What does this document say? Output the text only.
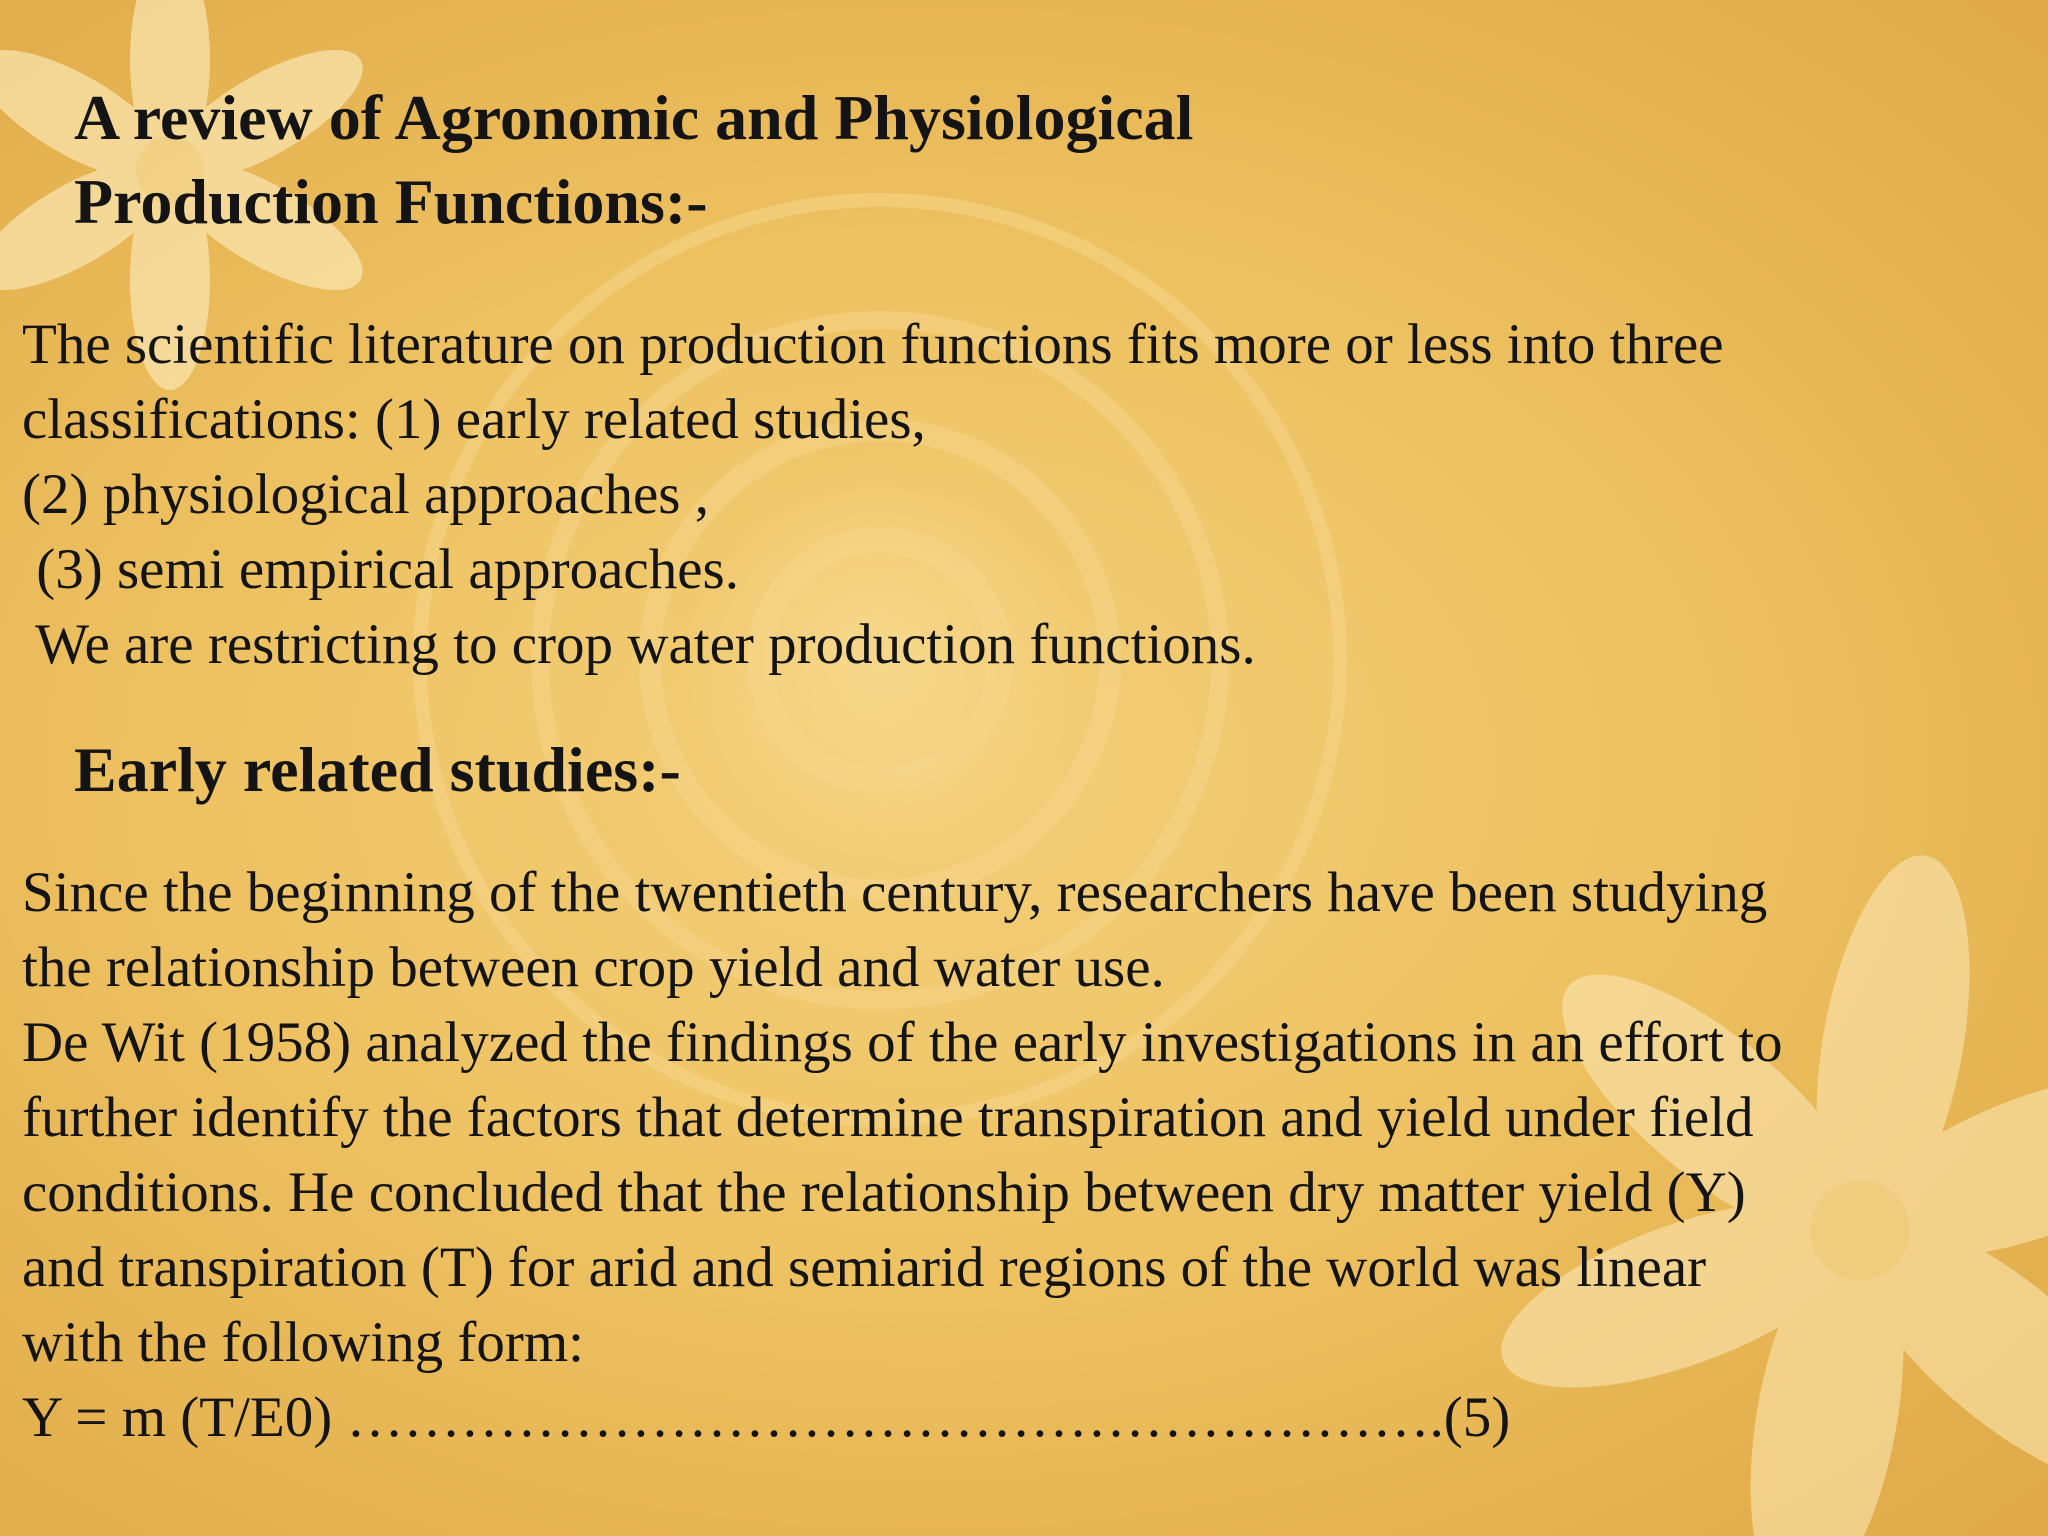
A review of Agronomic and Physiological
Production Functions:-
The scientific literature on production functions fits more or less into three
classifications: (1) early related studies,
(2) physiological approaches ,
(3) semi empirical approaches.
We are restricting to crop water production functions.
Early related studies:-
Since the beginning of the twentieth century, researchers have been studying
the relationship between crop yield and water use.
De Wit (1958) analyzed the findings of the early investigations in an effort to
further identify the factors that determine transpiration and yield under field
conditions. He concluded that the relationship between dry matter yield (Y)
and transpiration (T) for arid and semiarid regions of the world was linear
with the following form:
Y = m (T/E0) ………………………………………………….(5)
